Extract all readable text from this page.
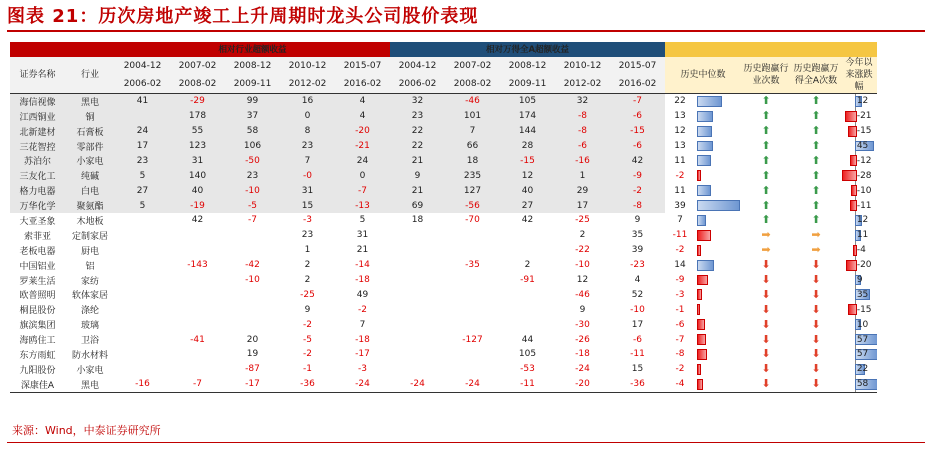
图表 21：历次房地产竣工上升周期时龙头公司股价表现
		相对行业超额收益					相对万得全A超额收益									
证券名称	行业	2004-12	2007-02	2008-12	2010-12	2015-07	2004-12	2007-02	2008-12	2010-12	2015-07	历史中位数		历史跑赢行业次数	历史跑赢万得全A次数	今年以来涨跌幅
		2006-02	2008-02	2009-11	2012-02	2016-02	2006-02	2008-02	2009-11	2012-02	2016-02					
海信视像	黑电	41	-29	99	16	4	32	-46	105	32	-7	22		⬆	⬆	12

江西铜业	铜		178	37	0	4	23	101	174	-8	-6	13		⬆	⬆	-21

北新建材	石膏板	24	55	58	8	-20	22	7	144	-8	-15	12		⬆	⬆	-15

三花智控	零部件	17	123	106	23	-21	22	66	28	-6	-6	13		⬆	⬆	45

苏泊尔	小家电	23	31	-50	7	24	21	18	-15	-16	42	11		⬆	⬆	-12

三友化工	纯碱	5	140	23	-0	0	9	235	12	1	-9	-2		⬆	⬆	-28

格力电器	白电	27	40	-10	31	-7	21	127	40	29	-2	11		⬆	⬆	-10

万华化学	聚氨酯	5	-19	-5	15	-13	69	-56	27	17	-8	39		⬆	⬆	-11

大亚圣象	木地板		42	-7	-3	5	18	-70	42	-25	9	7		⬆	⬆	12

索菲亚	定制家居				23	31				2	35	-11		➡	➡	11

老板电器	厨电				1	21				-22	39	-2		➡	➡	-4

中国铝业	铝		-143	-42	2	-14		-35	2	-10	-23	14		⬇	⬇	-20

罗莱生活	家纺			-10	2	-18			-91	12	4	-9		⬇	⬇	9

欧普照明	软体家居				-25	49				-46	52	-3		⬇	⬇	35

桐昆股份	涤纶				9	-2				9	-10	-1		⬇	⬇	-15

旗滨集团	玻璃				-2	7				-30	17	-6		⬇	⬇	10

海鸥住工	卫浴		-41	20	-5	-18		-127	44	-26	-6	-7		⬇	⬇	57

东方雨虹	防水材料			19	-2	-17			105	-18	-11	-8		⬇	⬇	57

九阳股份	小家电			-87	-1	-3			-53	-24	15	-2		⬇	⬇	22

深康佳A	黑电	-16	-7	-17	-36	-24	-24	-24	-11	-20	-36	-4		⬇	⬇	58
来源：Wind，中泰证券研究所
